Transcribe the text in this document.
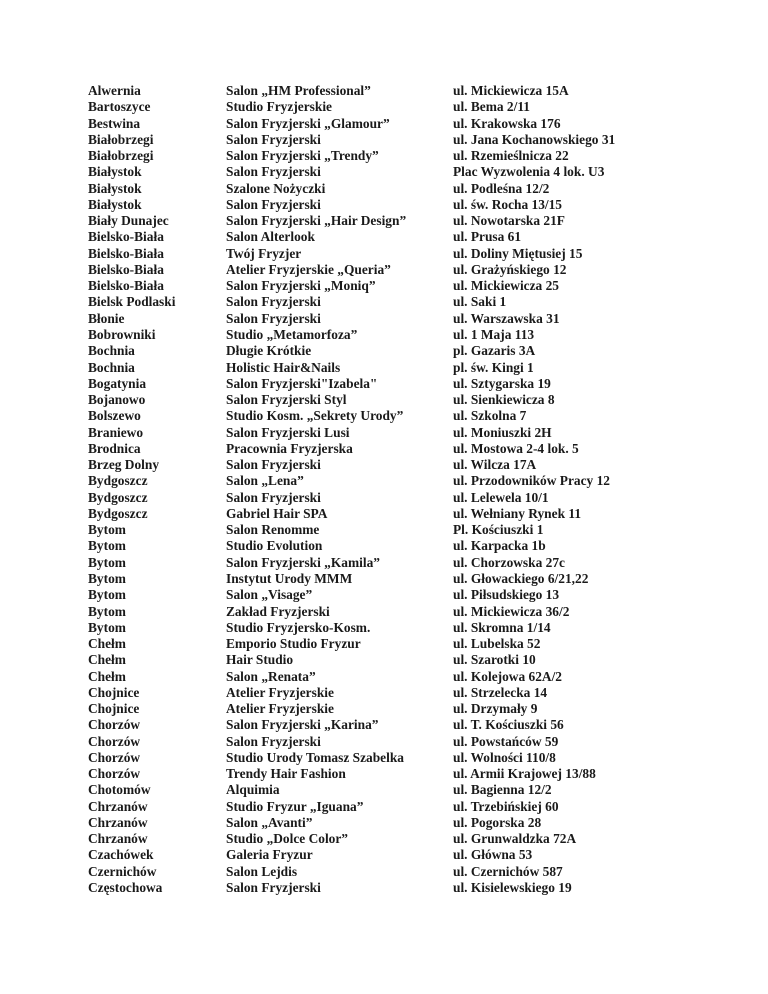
Alwernia	Salon „HM Professional”	ul. Mickiewicza 15A
Bartoszyce	Studio Fryzjerskie	ul. Bema 2/11
Bestwina	Salon Fryzjerski „Glamour”	ul. Krakowska 176
Białobrzegi	Salon Fryzjerski	ul. Jana Kochanowskiego 31
Białobrzegi	Salon Fryzjerski „Trendy”	ul. Rzemieślnicza 22
Białystok	Salon Fryzjerski	Plac Wyzwolenia 4 lok. U3
Białystok	Szalone Nożyczki	ul. Podleśna 12/2
Białystok	Salon Fryzjerski	ul. św. Rocha 13/15
Biały Dunajec	Salon Fryzjerski „Hair Design”	ul. Nowotarska 21F
Bielsko-Biała	Salon Alterlook	ul. Prusa 61
Bielsko-Biała	Twój Fryzjer	ul. Doliny Miętusiej 15
Bielsko-Biała	Atelier Fryzjerskie „Queria”	ul. Grażyńskiego 12
Bielsko-Biała	Salon Fryzjerski „Moniq”	ul. Mickiewicza 25
Bielsk Podlaski	Salon Fryzjerski	ul. Saki 1
Błonie	Salon Fryzjerski	ul. Warszawska 31
Bobrowniki	Studio „Metamorfoza”	ul. 1 Maja 113
Bochnia	Długie Krótkie	pl. Gazaris 3A
Bochnia	Holistic Hair&Nails	pl. św. Kingi 1
Bogatynia	Salon Fryzjerski"Izabela"	ul. Sztygarska 19
Bojanowo	Salon Fryzjerski Styl	ul. Sienkiewicza 8
Bolszewo	Studio Kosm. „Sekrety Urody”	ul. Szkolna 7
Braniewo	Salon Fryzjerski Lusi	ul. Moniuszki 2H
Brodnica	Pracownia Fryzjerska	ul. Mostowa 2-4 lok. 5
Brzeg Dolny	Salon Fryzjerski	ul. Wilcza 17A
Bydgoszcz	Salon „Lena”	ul. Przodowników Pracy 12
Bydgoszcz	Salon Fryzjerski	ul. Lelewela 10/1
Bydgoszcz	Gabriel Hair SPA	ul. Wełniany Rynek 11
Bytom	Salon Renomme	Pl. Kościuszki 1
Bytom	Studio Evolution	ul. Karpacka 1b
Bytom	Salon Fryzjerski „Kamila”	ul. Chorzowska 27c
Bytom	Instytut Urody MMM	ul. Głowackiego 6/21,22
Bytom	Salon „Visage”	ul. Piłsudskiego 13
Bytom	Zakład Fryzjerski	ul. Mickiewicza 36/2
Bytom	Studio Fryzjersko-Kosm.	ul. Skromna 1/14
Chełm	Emporio Studio Fryzur	ul. Lubelska 52
Chełm	Hair Studio	ul. Szarotki 10
Chełm	Salon „Renata”	ul. Kolejowa 62A/2
Chojnice	Atelier Fryzjerskie	ul. Strzelecka 14
Chojnice	Atelier Fryzjerskie	ul. Drzymały 9
Chorzów	Salon Fryzjerski „Karina”	ul. T. Kościuszki 56
Chorzów	Salon Fryzjerski	ul. Powstańców 59
Chorzów	Studio Urody Tomasz Szabelka	ul. Wolności 110/8
Chorzów	Trendy Hair Fashion	ul. Armii Krajowej 13/88
Chotomów	Alquimia	ul. Bagienna 12/2
Chrzanów	Studio Fryzur „Iguana”	ul. Trzebińskiej 60
Chrzanów	Salon „Avanti”	ul. Pogorska 28
Chrzanów	Studio „Dolce Color”	ul. Grunwaldzka 72A
Czachówek	Galeria Fryzur	ul. Główna 53
Czernichów	Salon Lejdis	ul. Czernichów 587
Częstochowa	Salon Fryzjerski	ul. Kisielewskiego 19
